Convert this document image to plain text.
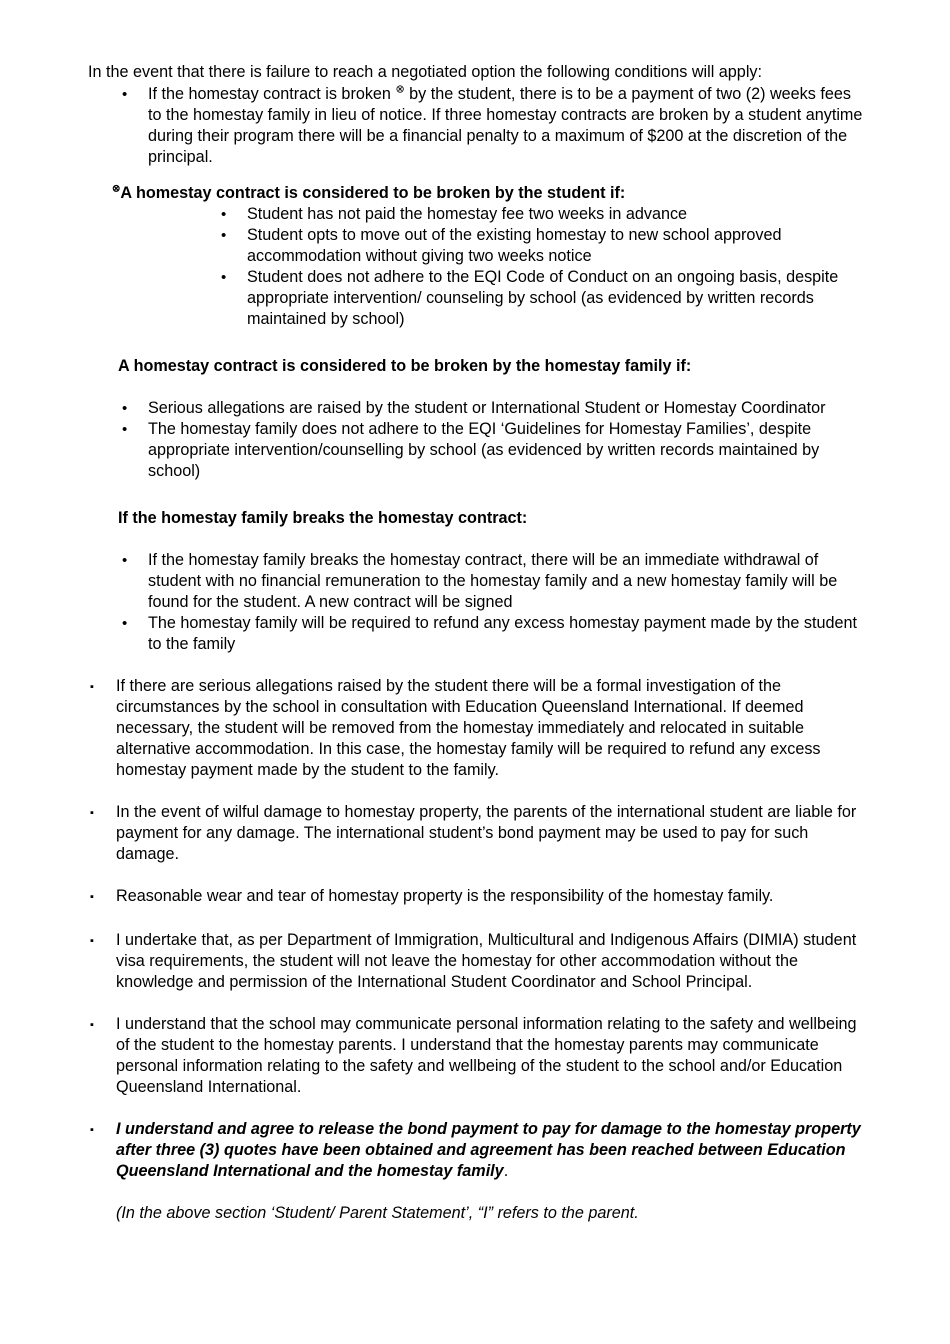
In the event that there is failure to reach a negotiated option the following conditions will apply:

•	If the homestay contract is broken ⊗ by the student, there is to be a payment of two (2) weeks fees to the homestay family in lieu of notice. If three homestay contracts are broken by a student anytime during their program there will be a financial penalty to a maximum of $200 at the discretion of the principal.

⊗A homestay contract is considered to be broken by the student if:

•	Student has not paid the homestay fee two weeks in advance
•	Student opts to move out of the existing homestay to new school approved accommodation without giving two weeks notice
•	Student does not adhere to the EQI Code of Conduct on an ongoing basis, despite appropriate intervention/ counseling by school (as evidenced by written records maintained by school)

A homestay contract is considered to be broken by the homestay family if:

•	Serious allegations are raised by the student or International Student or Homestay Coordinator
•	The homestay family does not adhere to the EQI ‘Guidelines for Homestay Families’, despite appropriate intervention/counselling by school (as evidenced by written records maintained by school)

If the homestay family breaks the homestay contract:

•	If the homestay family breaks the homestay contract, there will be an immediate withdrawal of student with no financial remuneration to the homestay family and a new homestay family will be found for the student. A new contract will be signed
•	The homestay family will be required to refund any excess homestay payment made by the student to the family
▪	If there are serious allegations raised by the student there will be a formal investigation of the circumstances by the school in consultation with Education Queensland International. If deemed necessary, the student will be removed from the homestay immediately and relocated in suitable alternative accommodation. In this case, the homestay family will be required to refund any excess homestay payment made by the student to the family.
▪	In the event of wilful damage to homestay property, the parents of the international student are liable for payment for any damage. The international student’s bond payment may be used to pay for such damage.
▪	Reasonable wear and tear of homestay property is the responsibility of the homestay family.
▪	I undertake that, as per Department of Immigration, Multicultural and Indigenous Affairs (DIMIA) student visa requirements, the student will not leave the homestay for other accommodation without the knowledge and permission of the International Student Coordinator and School Principal.
▪	I understand that the school may communicate personal information relating to the safety and wellbeing of the student to the homestay parents. I understand that the homestay parents may communicate personal information relating to the safety and wellbeing of the student to the school and/or Education Queensland International.
▪	I understand and agree to release the bond payment to pay for damage to the homestay property after three (3) quotes have been obtained and agreement has been reached between Education Queensland International and the homestay family.

(In the above section ‘Student/ Parent Statement’, “I” refers to the parent.
